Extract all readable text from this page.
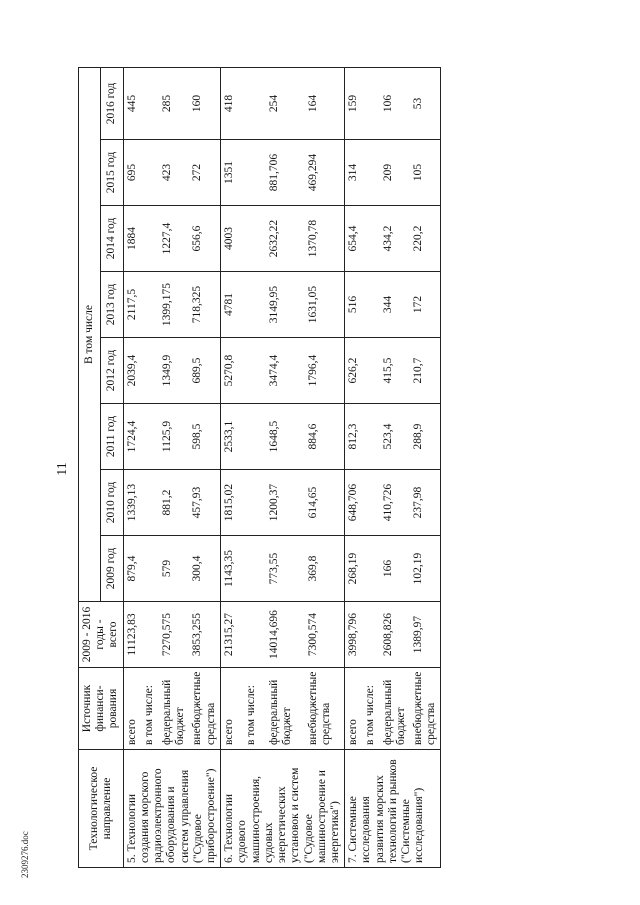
11
2309276.doc
Технологическое направление	Источник финанси-рования	2009 - 2016 годы - всего	В том числе							
			2009 год	2010 год	2011 год	2012 год	2013 год	2014 год	2015 год	2016 год
5. Технологии создания морского радиоэлектронного оборудования и систем управления ("Судовое приборостроение")	всего	11123,83	879,4	1339,13	1724,4	2039,4	2117,5	1884	695	445
	в том числе:									
	федеральный бюджет	7270,575	579	881,2	1125,9	1349,9	1399,175	1227,4	423	285
	внебюджетные средства	3853,255	300,4	457,93	598,5	689,5	718,325	656,6	272	160
6. Технологии судового машиностроения, судовых энергетических установок и систем ("Судовое машиностроение и энергетика")	всего	21315,27	1143,35	1815,02	2533,1	5270,8	4781	4003	1351	418
	в том числе:									
	федеральный бюджет	14014,696	773,55	1200,37	1648,5	3474,4	3149,95	2632,22	881,706	254
	внебюджетные средства	7300,574	369,8	614,65	884,6	1796,4	1631,05	1370,78	469,294	164
7. Системные исследования развития морских технологий и рынков ("Системные исследования")	всего	3998,796	268,19	648,706	812,3	626,2	516	654,4	314	159
	в том числе:									
	федеральный бюджет	2608,826	166	410,726	523,4	415,5	344	434,2	209	106
	внебюджетные средства	1389,97	102,19	237,98	288,9	210,7	172	220,2	105	53
